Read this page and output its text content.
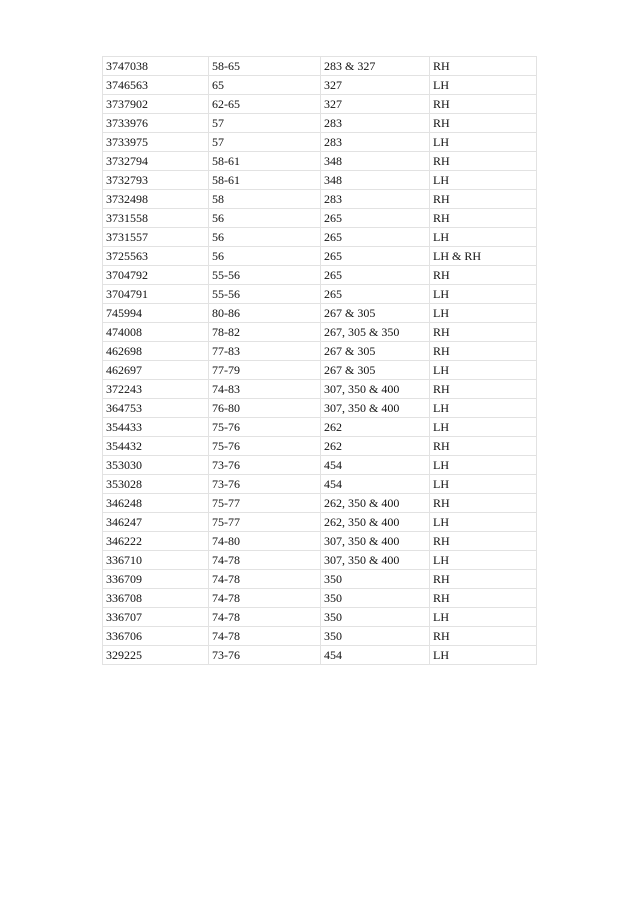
3747038	58-65	283 & 327	RH
3746563	65	327	LH
3737902	62-65	327	RH
3733976	57	283	RH
3733975	57	283	LH
3732794	58-61	348	RH
3732793	58-61	348	LH
3732498	58	283	RH
3731558	56	265	RH
3731557	56	265	LH
3725563	56	265	LH & RH
3704792	55-56	265	RH
3704791	55-56	265	LH
745994	80-86	267 & 305	LH
474008	78-82	267, 305 & 350	RH
462698	77-83	267 & 305	RH
462697	77-79	267 & 305	LH
372243	74-83	307, 350 & 400	RH
364753	76-80	307, 350 & 400	LH
354433	75-76	262	LH
354432	75-76	262	RH
353030	73-76	454	LH
353028	73-76	454	LH
346248	75-77	262, 350 & 400	RH
346247	75-77	262, 350 & 400	LH
346222	74-80	307, 350 & 400	RH
336710	74-78	307, 350 & 400	LH
336709	74-78	350	RH
336708	74-78	350	RH
336707	74-78	350	LH
336706	74-78	350	RH
329225	73-76	454	LH
